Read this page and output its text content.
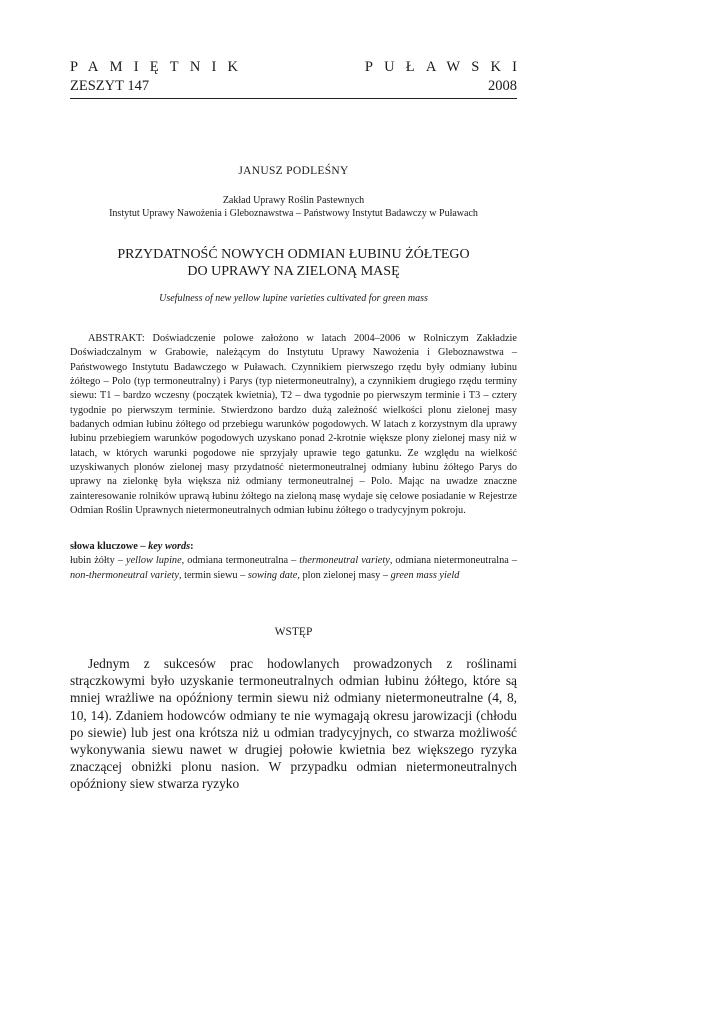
PAMIĘTNIK	PUŁAWSKI
ZESZYT 147	2008
JANUSZ PODLEŚNY
Zakład Uprawy Roślin Pastewnych
Instytut Uprawy Nawożenia i Gleboznawstwa – Państwowy Instytut Badawczy w Puławach
PRZYDATNOŚĆ NOWYCH ODMIAN ŁUBINU ŻÓŁTEGO
DO UPRAWY NA ZIELONĄ MASĘ
Usefulness of new yellow lupine varieties cultivated for green mass

ABSTRAKT: Doświadczenie polowe założono w latach 2004–2006 w Rolniczym Zakładzie Doświadczalnym w Grabowie, należącym do Instytutu Uprawy Nawożenia i Gleboznawstwa – Państwowego Instytutu Badawczego w Puławach. Czynnikiem pierwszego rzędu były odmiany łubinu żółtego – Polo (typ termoneutralny) i Parys (typ nietermoneutralny), a czynnikiem drugiego rzędu terminy siewu: T1 – bardzo wczesny (początek kwietnia), T2 – dwa tygodnie po pierwszym terminie i T3 – cztery tygodnie po pierwszym terminie. Stwierdzono bardzo dużą zależność wielkości plonu zielonej masy badanych odmian łubinu żółtego od przebiegu warunków pogodowych. W latach z korzystnym dla uprawy łubinu przebiegiem warunków pogodowych uzyskano ponad 2-krotnie większe plony zielonej masy niż w latach, w których warunki pogodowe nie sprzyjały uprawie tego gatunku. Ze względu na wielkość uzyskiwanych plonów zielonej masy przydatność nietermoneutralnej odmiany łubinu żółtego Parys do uprawy na zielonkę była większa niż odmiany termoneutralnej – Polo. Mając na uwadze znaczne zainteresowanie rolników uprawą łubinu żółtego na zieloną masę wydaje się celowe posiadanie w Rejestrze Odmian Roślin Uprawnych nietermoneutralnych odmian łubinu żółtego o tradycyjnym pokroju.

słowa kluczowe – key words:
łubin żółty – yellow lupine, odmiana termoneutralna – thermoneutral variety, odmiana nietermoneutralna – non-thermoneutral variety, termin siewu – sowing date, plon zielonej masy – green mass yield
WSTĘP

Jednym z sukcesów prac hodowlanych prowadzonych z roślinami strączkowymi było uzyskanie termoneutralnych odmian łubinu żółtego, które są mniej wrażliwe na opóźniony termin siewu niż odmiany nietermoneutralne (4, 8, 10, 14). Zdaniem hodowców odmiany te nie wymagają okresu jarowizacji (chłodu po siewie) lub jest ona krótsza niż u odmian tradycyjnych, co stwarza możliwość wykonywania siewu nawet w drugiej połowie kwietnia bez większego ryzyka znaczącej obniżki plonu nasion. W przypadku odmian nietermoneutralnych opóźniony siew stwarza ryzyko
